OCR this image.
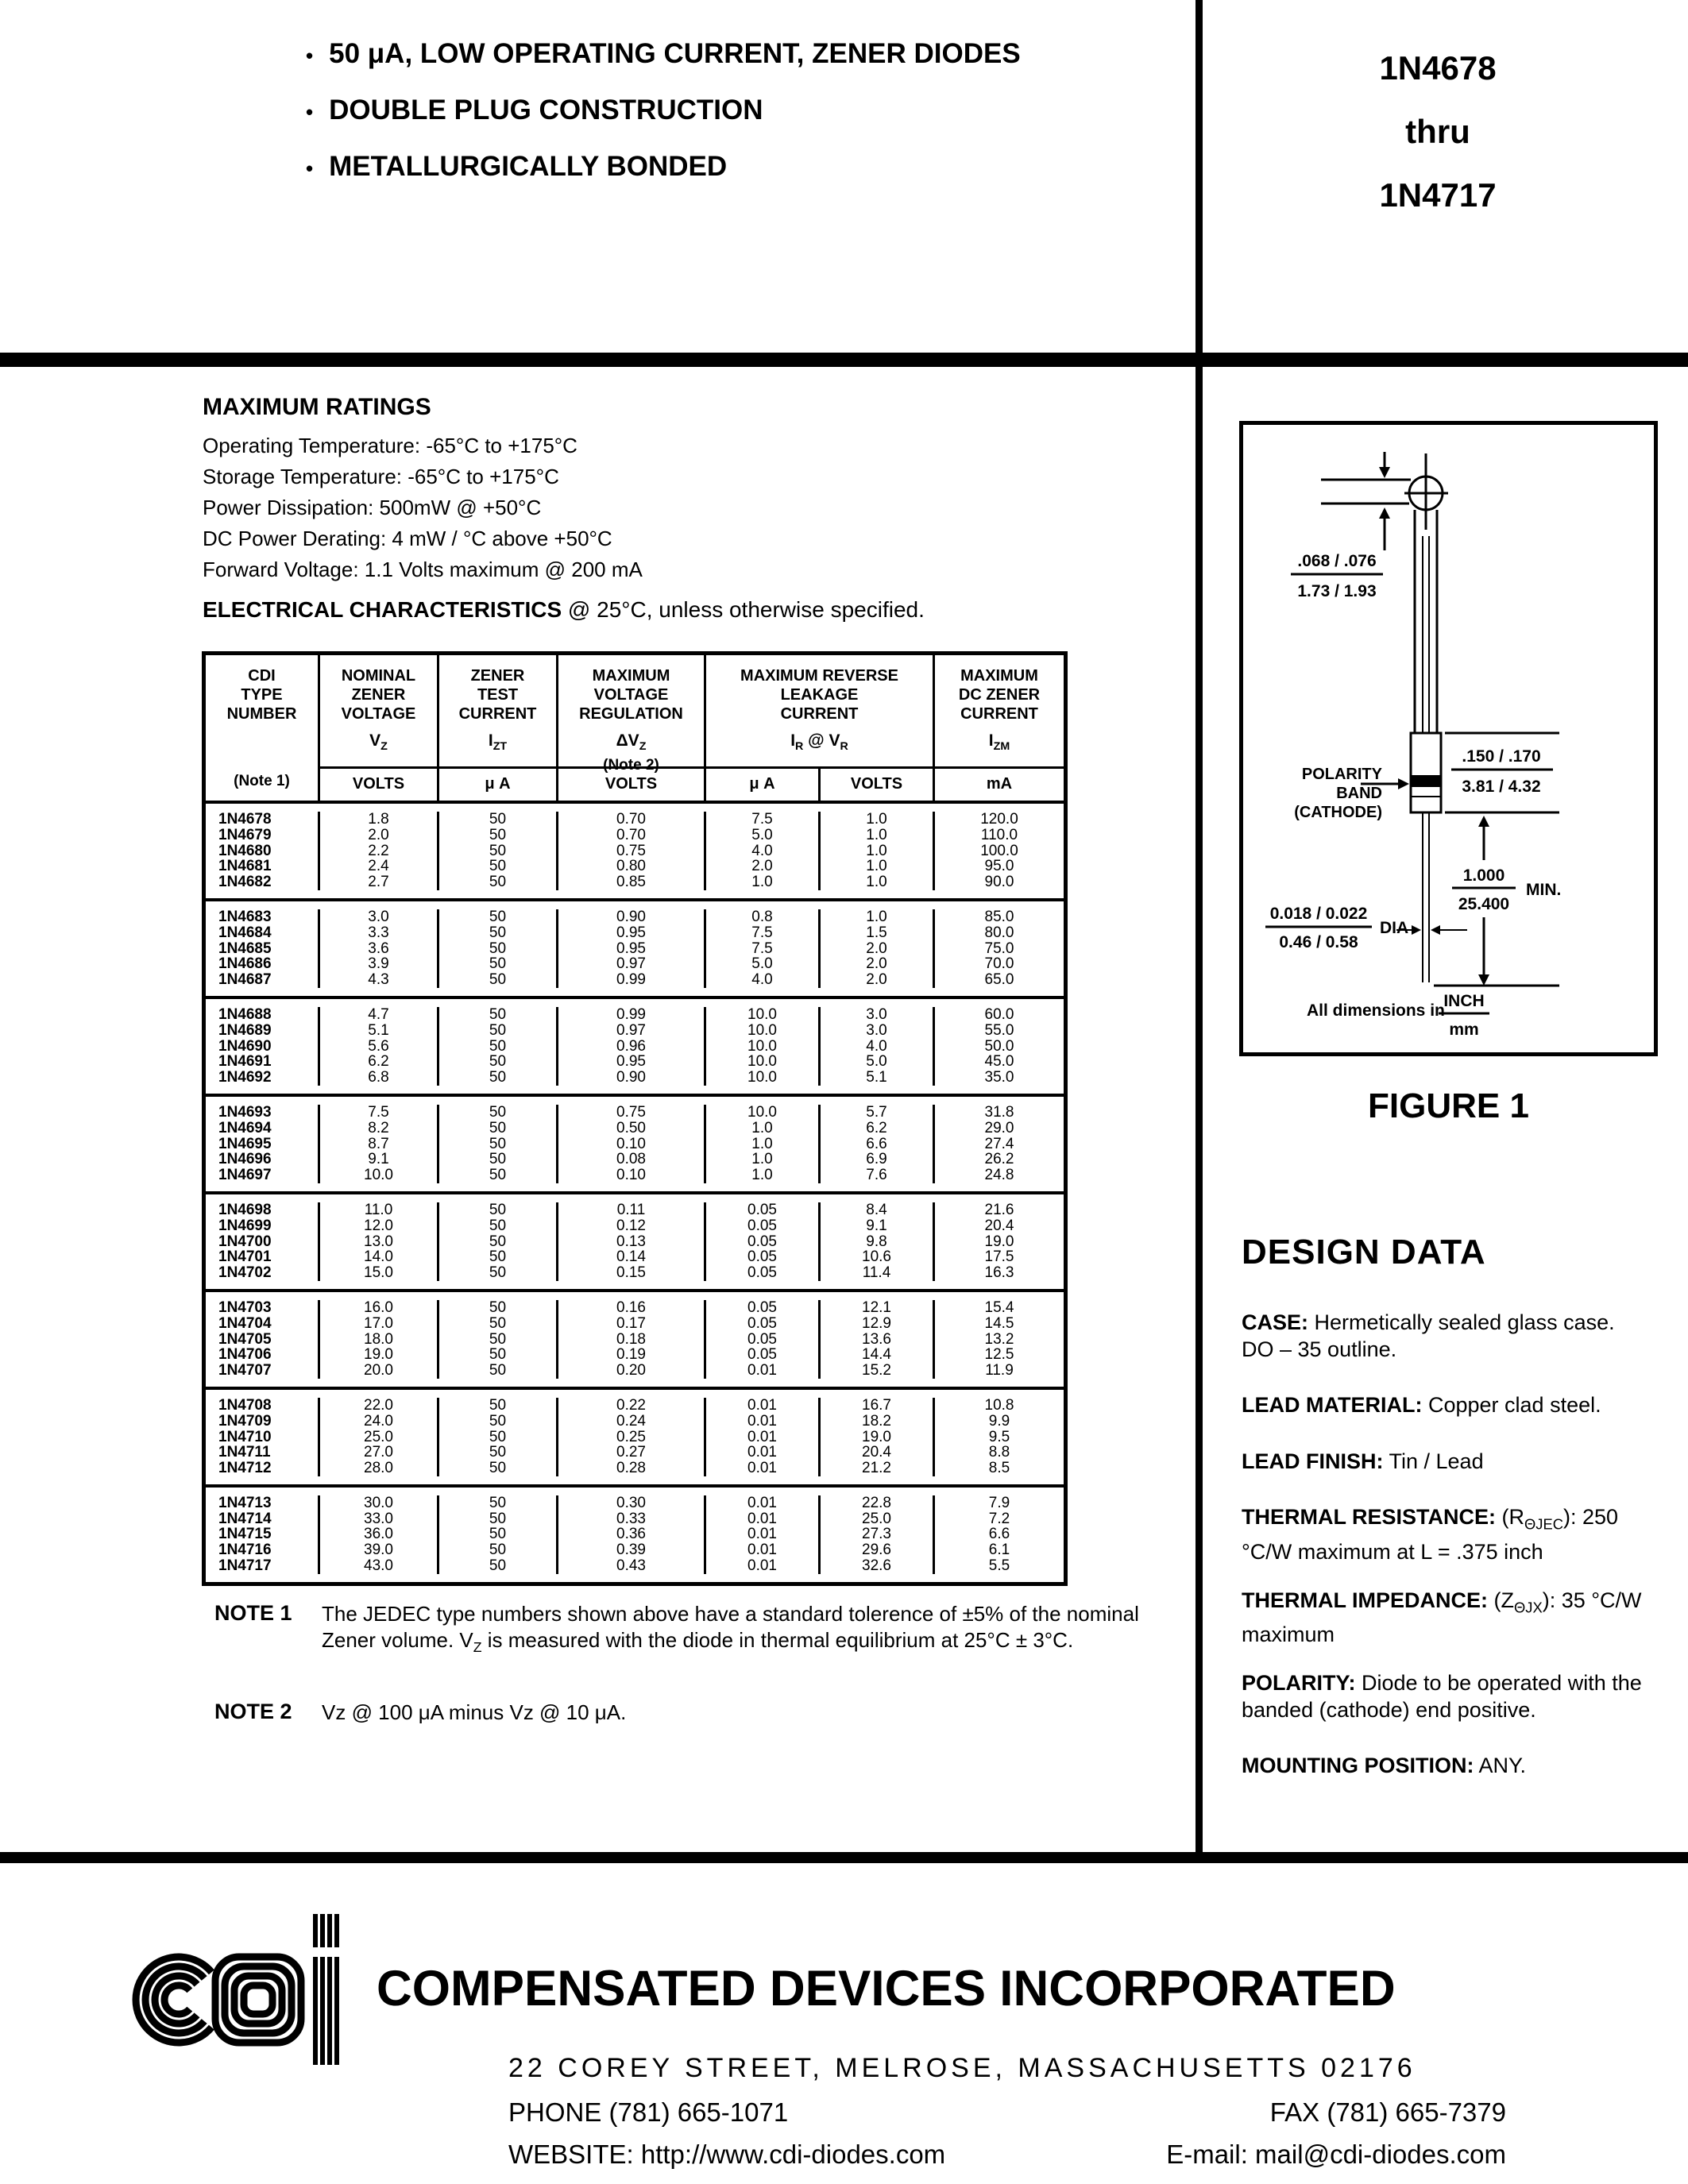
• 50 μA, LOW OPERATING CURRENT, ZENER DIODES
• DOUBLE PLUG CONSTRUCTION
• METALLURGICALLY BONDED
1N4678
thru
1N4717
MAXIMUM RATINGS
Operating Temperature: -65°C to +175°C
Storage Temperature: -65°C to +175°C
Power Dissipation: 500mW @ +50°C
DC Power Derating: 4 mW / °C above +50°C
Forward Voltage: 1.1 Volts maximum @ 200 mA
ELECTRICAL CHARACTERISTICS @ 25°C, unless otherwise specified.
CDI
TYPE
NUMBER
(Note 1)
NOMINAL
ZENER
VOLTAGE
$V_Z$
ZENER
TEST
CURRENT
$I_{ZT}$
MAXIMUM
VOLTAGE
REGULATION
$\Delta V_Z$
(Note 2)
MAXIMUM REVERSE
LEAKAGE
CURRENT
$I_R$ @ $V_R$
MAXIMUM
DC ZENER
CURRENT
$I_{ZM}$
VOLTS	μ A	VOLTS	μ A	VOLTS	mA
1N4678	1.8	50	0.70	7.5	1.0	120.0
1N4679	2.0	50	0.70	5.0	1.0	110.0
1N4680	2.2	50	0.75	4.0	1.0	100.0
1N4681	2.4	50	0.80	2.0	1.0	95.0
1N4682	2.7	50	0.85	1.0	1.0	90.0
1N4683	3.0	50	0.90	0.8	1.0	85.0
1N4684	3.3	50	0.95	7.5	1.5	80.0
1N4685	3.6	50	0.95	7.5	2.0	75.0
1N4686	3.9	50	0.97	5.0	2.0	70.0
1N4687	4.3	50	0.99	4.0	2.0	65.0
1N4688	4.7	50	0.99	10.0	3.0	60.0
1N4689	5.1	50	0.97	10.0	3.0	55.0
1N4690	5.6	50	0.96	10.0	4.0	50.0
1N4691	6.2	50	0.95	10.0	5.0	45.0
1N4692	6.8	50	0.90	10.0	5.1	35.0
1N4693	7.5	50	0.75	10.0	5.7	31.8
1N4694	8.2	50	0.50	1.0	6.2	29.0
1N4695	8.7	50	0.10	1.0	6.6	27.4
1N4696	9.1	50	0.08	1.0	6.9	26.2
1N4697	10.0	50	0.10	1.0	7.6	24.8
1N4698	11.0	50	0.11	0.05	8.4	21.6
1N4699	12.0	50	0.12	0.05	9.1	20.4
1N4700	13.0	50	0.13	0.05	9.8	19.0
1N4701	14.0	50	0.14	0.05	10.6	17.5
1N4702	15.0	50	0.15	0.05	11.4	16.3
1N4703	16.0	50	0.16	0.05	12.1	15.4
1N4704	17.0	50	0.17	0.05	12.9	14.5
1N4705	18.0	50	0.18	0.05	13.6	13.2
1N4706	19.0	50	0.19	0.05	14.4	12.5
1N4707	20.0	50	0.20	0.01	15.2	11.9
1N4708	22.0	50	0.22	0.01	16.7	10.8
1N4709	24.0	50	0.24	0.01	18.2	9.9
1N4710	25.0	50	0.25	0.01	19.0	9.5
1N4711	27.0	50	0.27	0.01	20.4	8.8
1N4712	28.0	50	0.28	0.01	21.2	8.5
1N4713	30.0	50	0.30	0.01	22.8	7.9
1N4714	33.0	50	0.33	0.01	25.0	7.2
1N4715	36.0	50	0.36	0.01	27.3	6.6
1N4716	39.0	50	0.39	0.01	29.6	6.1
1N4717	43.0	50	0.43	0.01	32.6	5.5
NOTE 1 The JEDEC type numbers shown above have a standard tolerence of ±5% of the nominal Zener volume. $V_Z$ is measured with the diode in thermal equilibrium at 25°C ± 3°C.
NOTE 2 Vz @ 100 μA minus Vz @ 10 μA.
.068 / .076
1.73 / 1.93
.150 / .170
3.81 / 4.32
POLARITY
BAND
(CATHODE)
1.000
25.400
MIN.
0.018 / 0.022
0.46 / 0.58
DIA
All dimensions in
INCH
mm
FIGURE 1
DESIGN DATA

CASE: Hermetically sealed glass case. DO – 35 outline.

LEAD MATERIAL: Copper clad steel.

LEAD FINISH: Tin / Lead

THERMAL RESISTANCE: $(R_{\Theta JEC})$: 250 °C/W maximum at L = .375 inch

THERMAL IMPEDANCE: $(Z_{\Theta JX})$: 35 °C/W maximum

POLARITY: Diode to be operated with the banded (cathode) end positive.

MOUNTING POSITION: ANY.

COMPENSATED DEVICES INCORPORATED
22 COREY STREET, MELROSE, MASSACHUSETTS 02176
PHONE (781) 665-1071	FAX (781) 665-7379
WEBSITE: http://www.cdi-diodes.com	E-mail: mail@cdi-diodes.com
